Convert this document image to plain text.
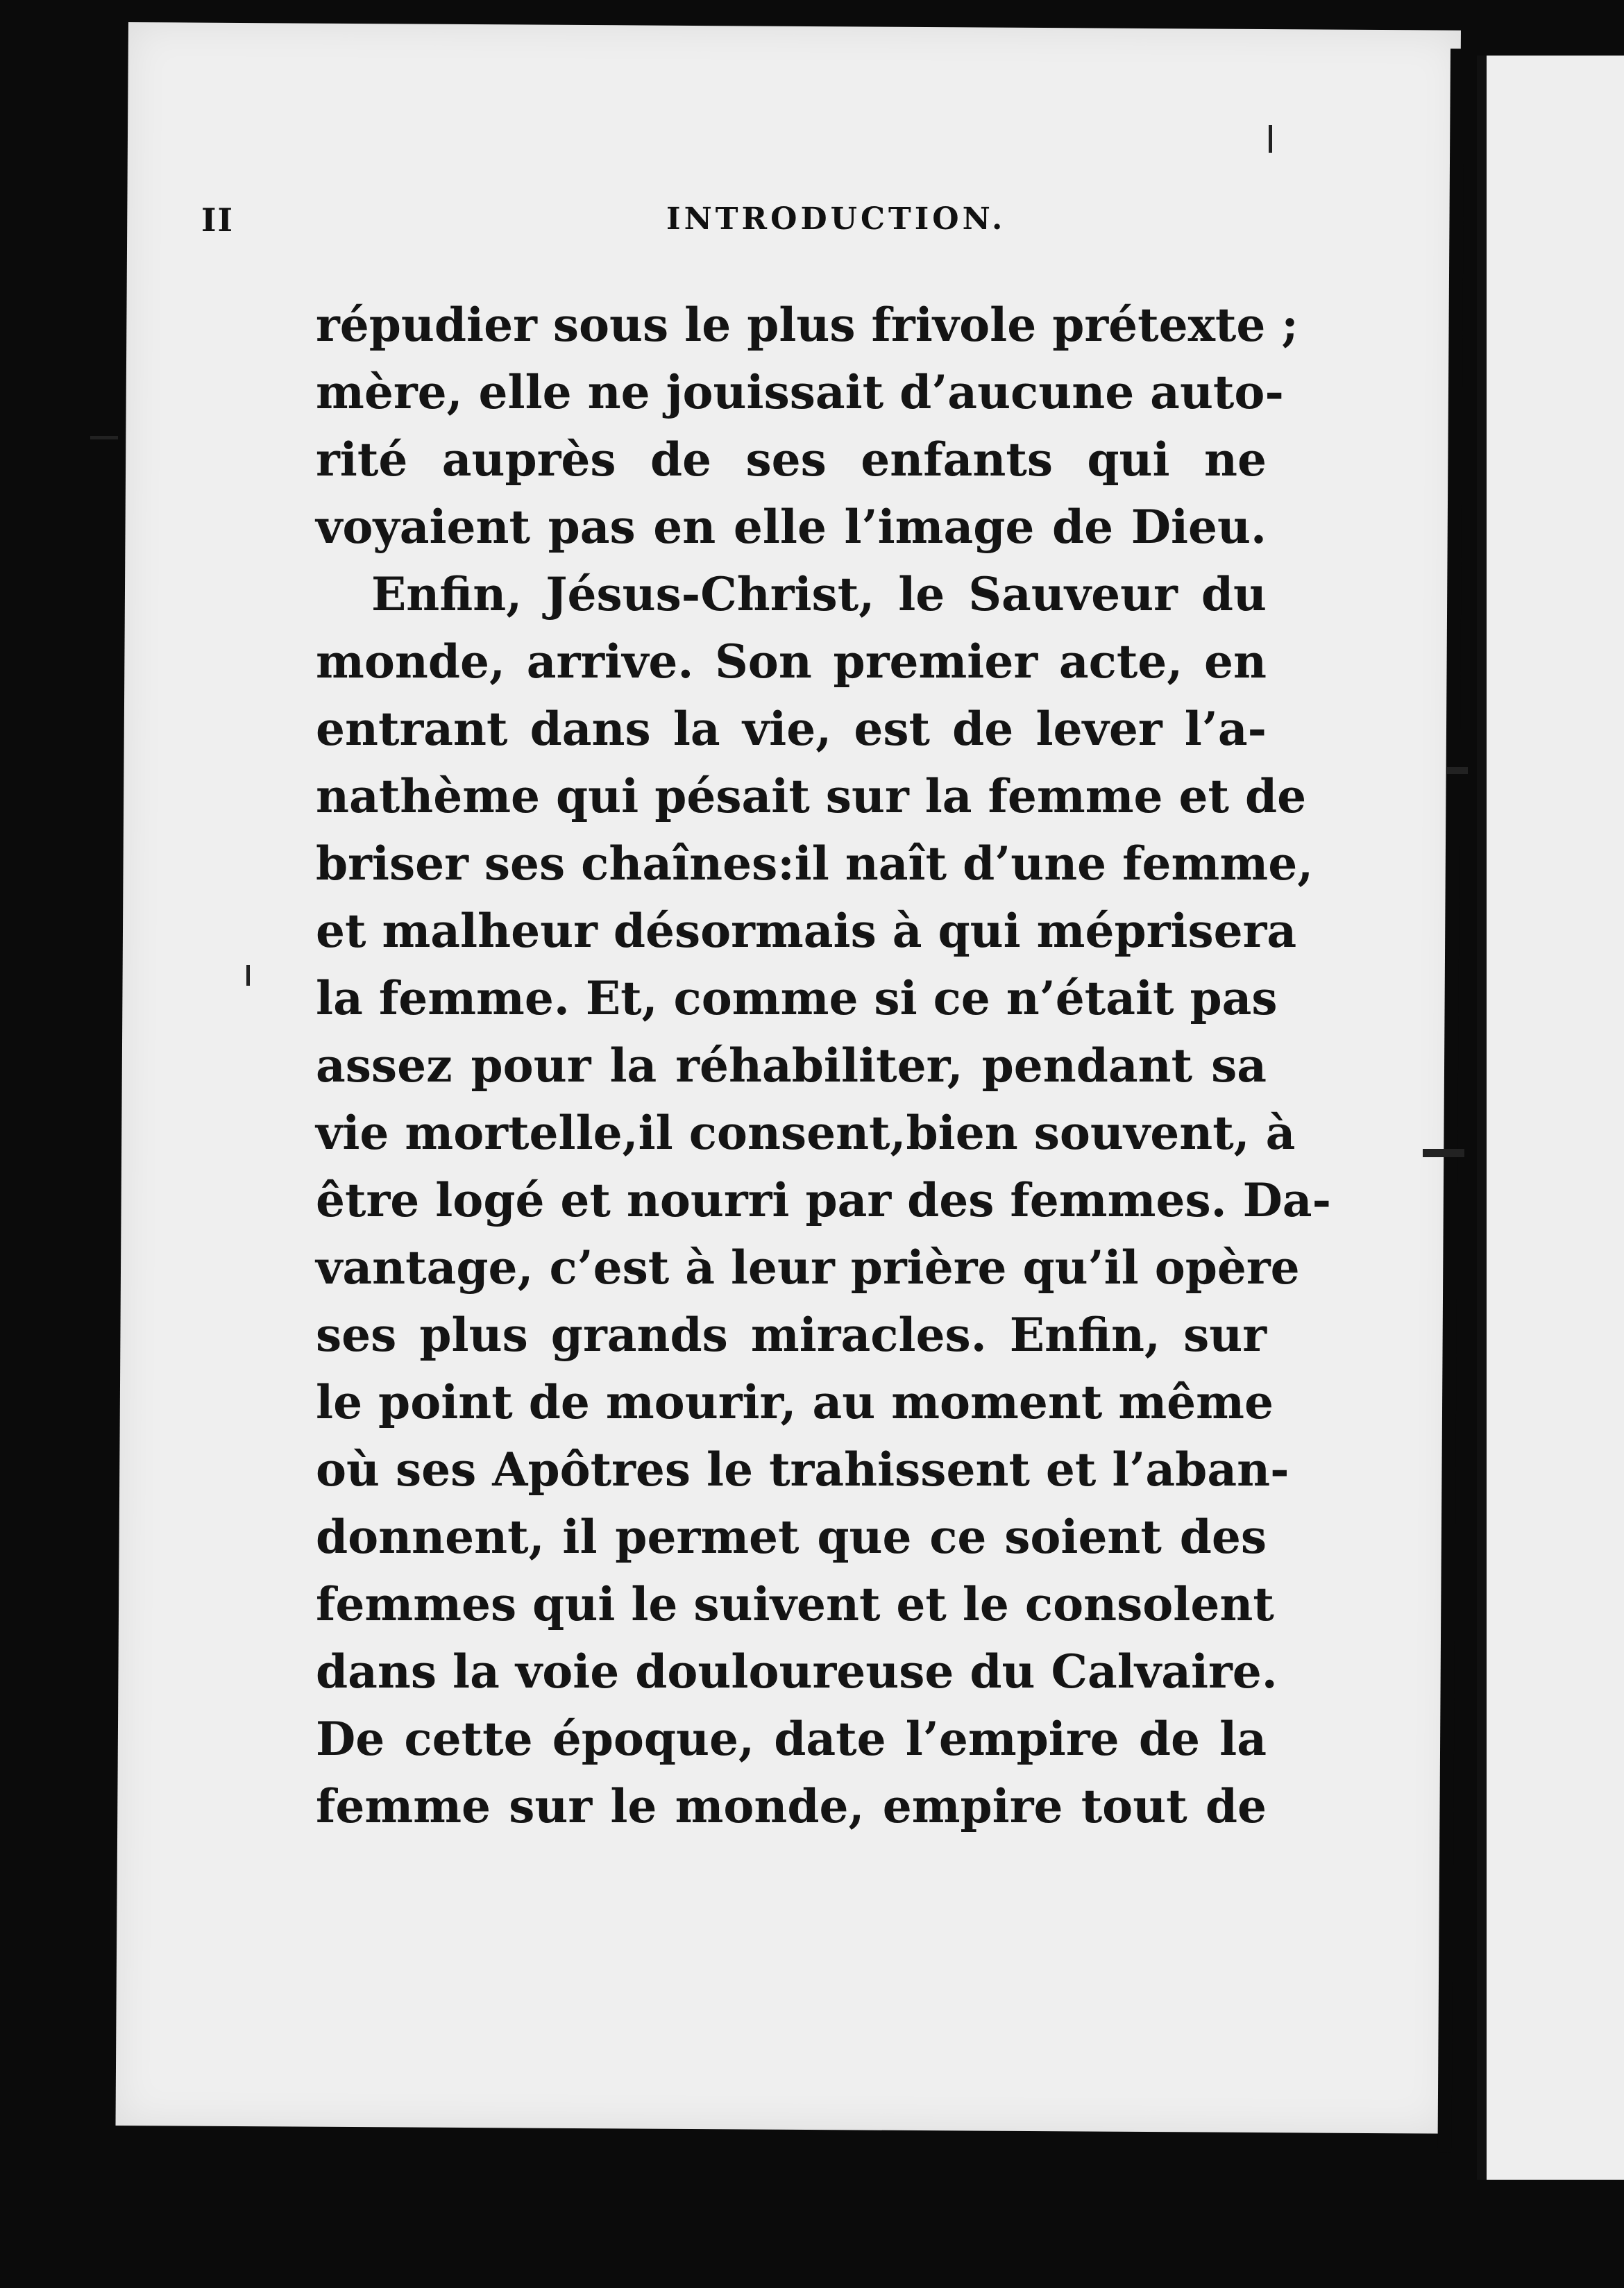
II	INTRODUCTION.
répudier sous le plus frivole prétexte ;
mère, elle ne jouissait d’aucune auto-
rité auprès de ses enfants qui ne
voyaient pas en elle l’image de Dieu.
Enfin, Jésus-Christ, le Sauveur du
monde, arrive. Son premier acte, en
entrant dans la vie, est de lever l’a-
nathème qui pésait sur la femme et de
briser ses chaînes:il naît d’une femme,
et malheur désormais à qui méprisera
la femme. Et, comme si ce n’était pas
assez pour la réhabiliter, pendant sa
vie mortelle,il consent,bien souvent, à
être logé et nourri par des femmes. Da-
vantage, c’est à leur prière qu’il opère
ses plus grands miracles. Enfin, sur
le point de mourir, au moment même
où ses Apôtres le trahissent et l’aban-
donnent, il permet que ce soient des
femmes qui le suivent et le consolent
dans la voie douloureuse du Calvaire.
De cette époque, date l’empire de la
femme sur le monde, empire tout de
